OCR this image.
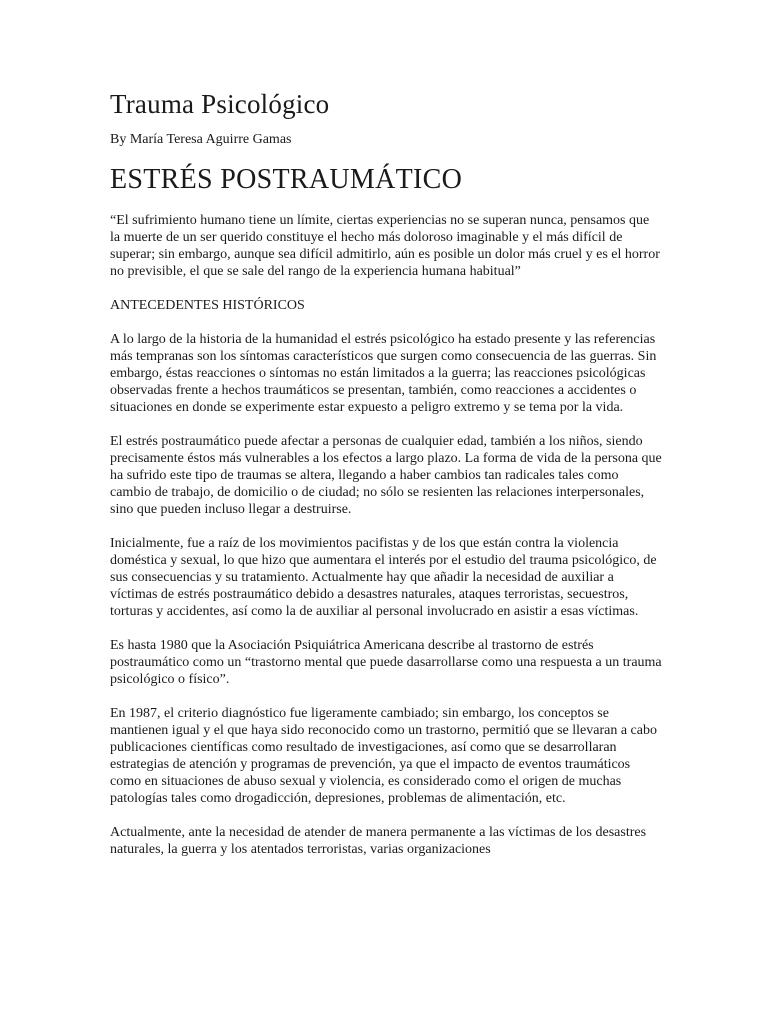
Trauma Psicológico

By María Teresa Aguirre Gamas

ESTRÉS POSTRAUMÁTICO

“El sufrimiento humano tiene un límite, ciertas experiencias no se superan nunca, pensamos que la muerte de un ser querido constituye el hecho más doloroso imaginable y el más difícil de superar; sin embargo, aunque sea difícil admitirlo, aún es posible un dolor más cruel y es el horror no previsible, el que se sale del rango de la experiencia humana habitual”

ANTECEDENTES HISTÓRICOS

A lo largo de la historia de la humanidad el estrés psicológico ha estado presente y las referencias más tempranas son los síntomas característicos que surgen como consecuencia de las guerras. Sin embargo, éstas reacciones o síntomas no están limitados a la guerra; las reacciones psicológicas observadas frente a hechos traumáticos se presentan, también, como reacciones a accidentes o situaciones en donde se experimente estar expuesto a peligro extremo y se tema por la vida.

El estrés postraumático puede afectar a personas de cualquier edad, también a los niños, siendo precisamente éstos más vulnerables a los efectos a largo plazo. La forma de vida de la persona que ha sufrido este tipo de traumas se altera, llegando a haber cambios tan radicales tales como cambio de trabajo, de domicilio o de ciudad; no sólo se resienten las relaciones interpersonales, sino que pueden incluso llegar a destruirse.

Inicialmente, fue a raíz de los movimientos pacifistas y de los que están contra la violencia doméstica y sexual, lo que hizo que aumentara el interés por el estudio del trauma psicológico, de sus consecuencias y su tratamiento. Actualmente hay que añadir la necesidad de auxiliar a víctimas de estrés postraumático debido a desastres naturales, ataques terroristas, secuestros, torturas y accidentes, así como la de auxiliar al personal involucrado en asistir a esas víctimas.

Es hasta 1980 que la Asociación Psiquiátrica Americana describe al trastorno de estrés postraumático como un “trastorno mental que puede dasarrollarse como una respuesta a un trauma psicológico o físico”.

En 1987, el criterio diagnóstico fue ligeramente cambiado; sin embargo, los conceptos se mantienen igual y el que haya sido reconocido como un trastorno, permitió que se llevaran a cabo publicaciones científicas como resultado de investigaciones, así como que se desarrollaran estrategias de atención y programas de prevención, ya que el impacto de eventos traumáticos como en situaciones de abuso sexual y violencia, es considerado como el origen de muchas patologías tales como drogadicción, depresiones, problemas de alimentación, etc.

Actualmente, ante la necesidad de atender de manera permanente a las víctimas de los desastres naturales, la guerra y los atentados terroristas, varias organizaciones
